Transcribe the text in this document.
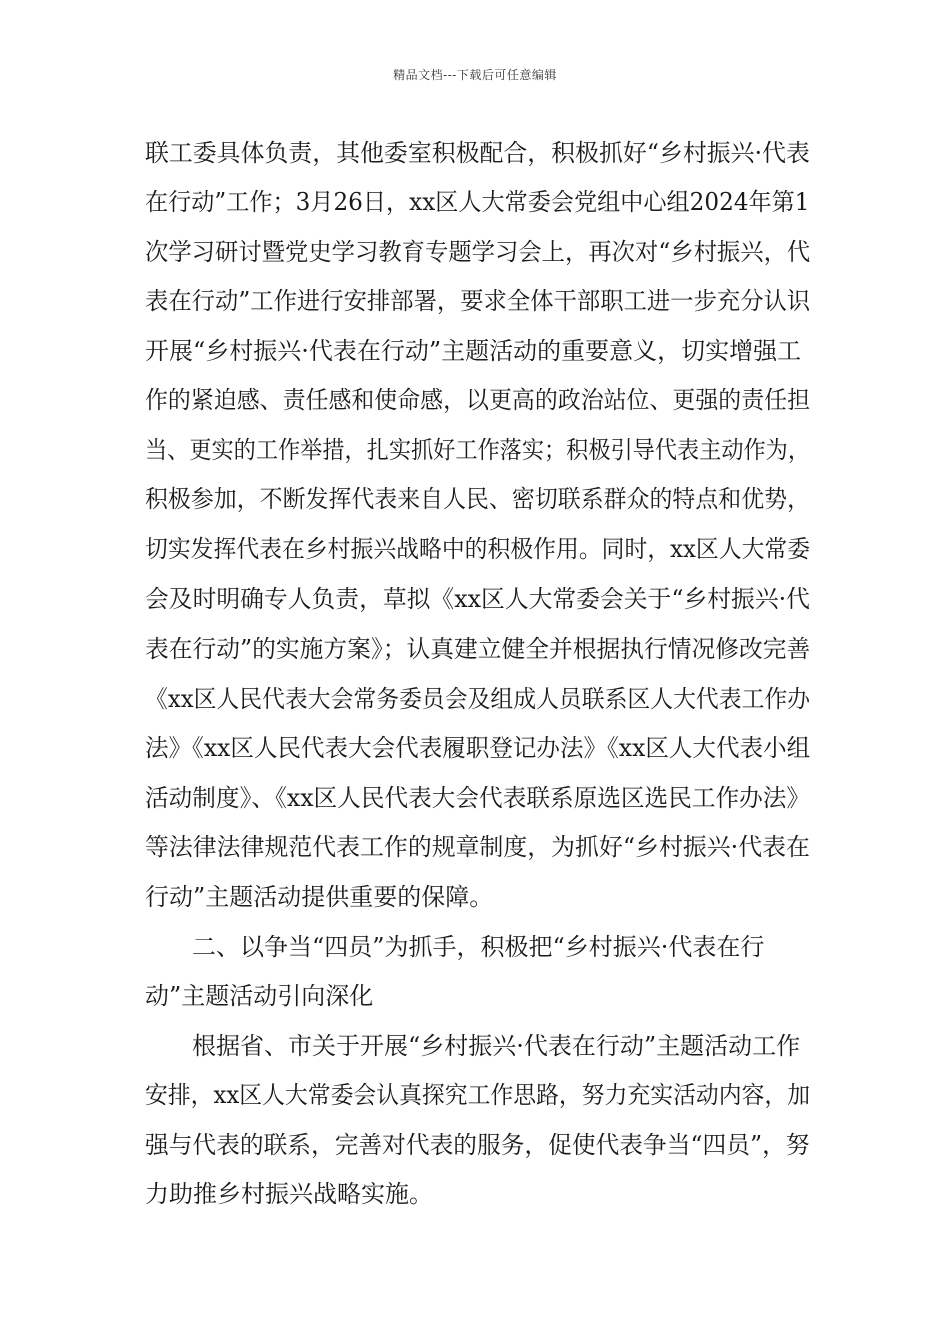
精品文档---下载后可任意编辑
联工委具体负责，其他委室积极配合，积极抓好“乡村振兴·代表
在行动”工作；3月26日，xx区人大常委会党组中心组2024年第1
次学习研讨暨党史学习教育专题学习会上，再次对“乡村振兴，代
表在行动”工作进行安排部署，要求全体干部职工进一步充分认识
开展“乡村振兴·代表在行动”主题活动的重要意义，切实增强工
作的紧迫感、责任感和使命感，以更高的政治站位、更强的责任担
当、更实的工作举措，扎实抓好工作落实；积极引导代表主动作为，
积极参加，不断发挥代表来自人民、密切联系群众的特点和优势，
切实发挥代表在乡村振兴战略中的积极作用。同时，xx区人大常委
会及时明确专人负责，草拟《xx区人大常委会关于“乡村振兴·代
表在行动”的实施方案》；认真建立健全并根据执行情况修改完善
《xx区人民代表大会常务委员会及组成人员联系区人大代表工作办
法》《xx区人民代表大会代表履职登记办法》《xx区人大代表小组
活动制度》、《xx区人民代表大会代表联系原选区选民工作办法》
等法律法律规范代表工作的规章制度，为抓好“乡村振兴·代表在
行动”主题活动提供重要的保障。
二、以争当“四员”为抓手，积极把“乡村振兴·代表在行
动”主题活动引向深化
根据省、市关于开展“乡村振兴·代表在行动”主题活动工作
安排，xx区人大常委会认真探究工作思路，努力充实活动内容，加
强与代表的联系，完善对代表的服务，促使代表争当“四员”，努
力助推乡村振兴战略实施。
